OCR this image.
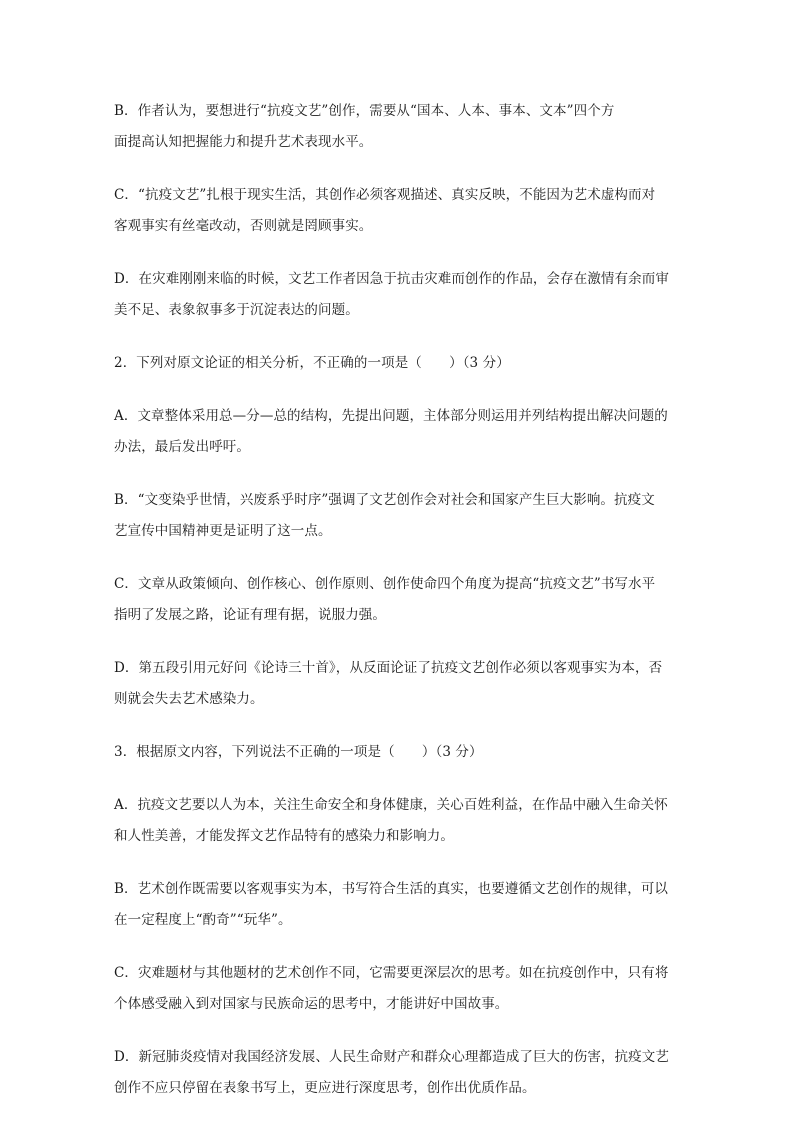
B．作者认为，要想进行“抗疫文艺”创作，需要从“国本、人本、事本、文本”四个方
面提高认知把握能力和提升艺术表现水平。

C．“抗疫文艺”扎根于现实生活，其创作必须客观描述、真实反映，不能因为艺术虚构而对
客观事实有丝毫改动，否则就是罔顾事实。

D．在灾难刚刚来临的时候，文艺工作者因急于抗击灾难而创作的作品，会存在激情有余而审
美不足、表象叙事多于沉淀表达的问题。

2．下列对原文论证的相关分析，不正确的一项是（　　）（3 分）

A．文章整体采用总—分—总的结构，先提出问题，主体部分则运用并列结构提出解决问题的
办法，最后发出呼吁。

B．“文变染乎世情，兴废系乎时序”强调了文艺创作会对社会和国家产生巨大影响。抗疫文
艺宣传中国精神更是证明了这一点。

C．文章从政策倾向、创作核心、创作原则、创作使命四个角度为提高“抗疫文艺”书写水平
指明了发展之路，论证有理有据，说服力强。

D．第五段引用元好问《论诗三十首》，从反面论证了抗疫文艺创作必须以客观事实为本，否
则就会失去艺术感染力。

3．根据原文内容，下列说法不正确的一项是（　　）（3 分）

A．抗疫文艺要以人为本，关注生命安全和身体健康，关心百姓利益，在作品中融入生命关怀
和人性美善，才能发挥文艺作品特有的感染力和影响力。

B．艺术创作既需要以客观事实为本，书写符合生活的真实，也要遵循文艺创作的规律，可以
在一定程度上“酌奇”“玩华”。

C．灾难题材与其他题材的艺术创作不同，它需要更深层次的思考。如在抗疫创作中，只有将
个体感受融入到对国家与民族命运的思考中，才能讲好中国故事。

D．新冠肺炎疫情对我国经济发展、人民生命财产和群众心理都造成了巨大的伤害，抗疫文艺
创作不应只停留在表象书写上，更应进行深度思考，创作出优质作品。
